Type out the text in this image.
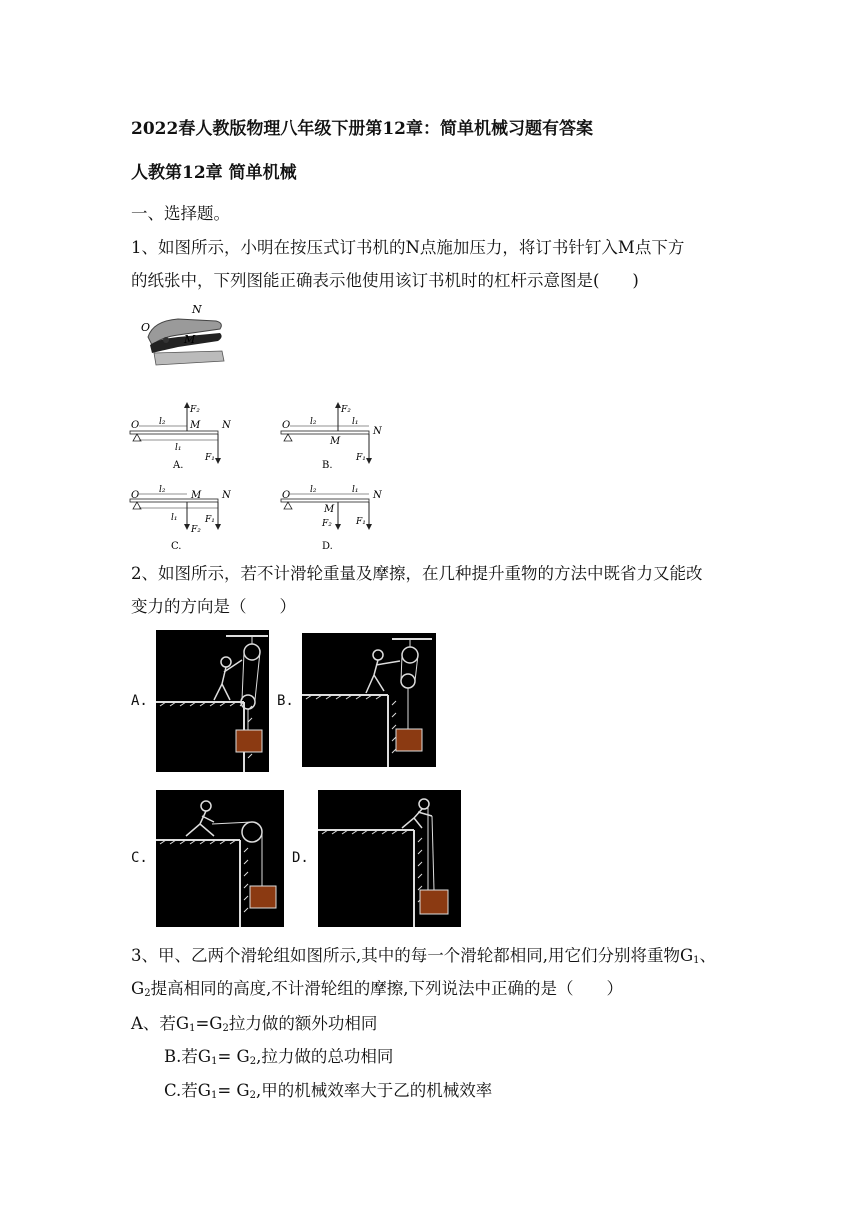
2022春人教版物理八年级下册第12章：简单机械习题有答案
人教第12章 简单机械
一、选择题。
1、如图所示，小明在按压式订书机的N点施加压力，将订书针钉入M点下方
的纸张中，下列图能正确表示他使用该订书机时的杠杆示意图是(　　)
N
O
M
O l₂
F₂
M N
l₁
F₁
A.
O l₂	l₁
F₂
M
N
F₁
B.
O l₂	M N
l₁
F₂
F₁
C.
O l₂	l₁ N
M
F₂	F₁
D.
2、如图所示，若不计滑轮重量及摩擦，在几种提升重物的方法中既省力又能改
变力的方向是（　　）
A.	B.
C.	D.
3、甲、乙两个滑轮组如图所示,其中的每一个滑轮都相同,用它们分别将重物$G_1$、
$G_2$提高相同的高度,不计滑轮组的摩擦,下列说法中正确的是（　　）
A、若$G_1=G_2$拉力做的额外功相同
B.若$G_1= G_2$,拉力做的总功相同
C.若$G_1= G_2$,甲的机械效率大于乙的机械效率
